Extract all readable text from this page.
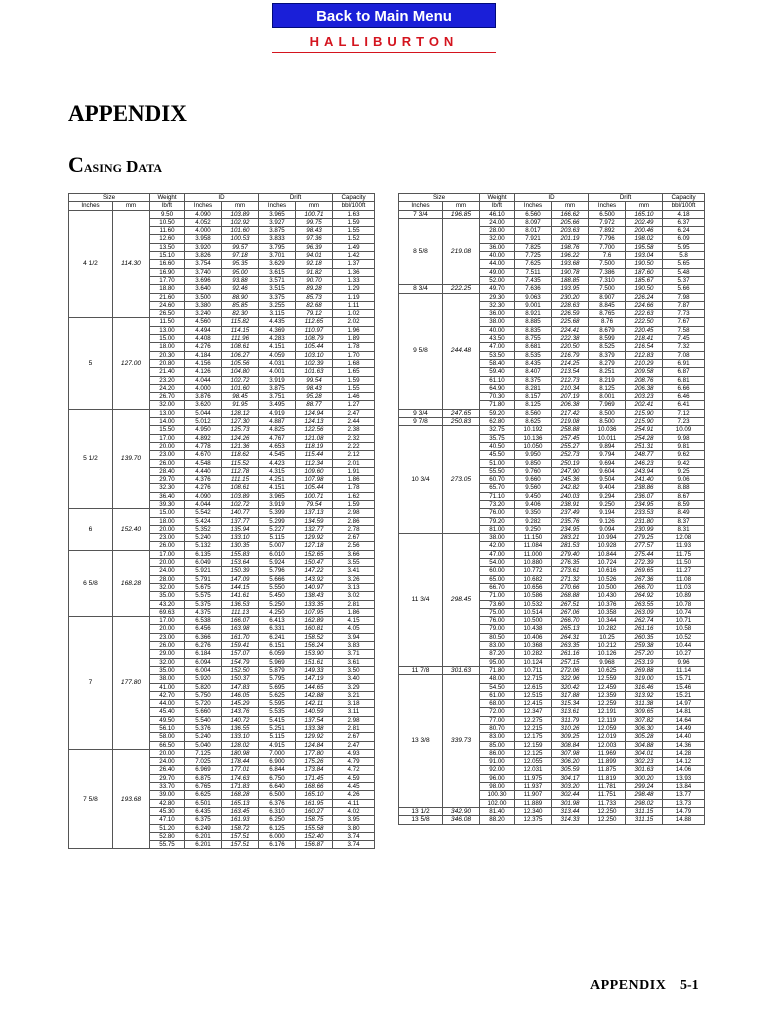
Back to Main Menu
HALLIBURTON
APPENDIX
Casing Data
Size		Weight	ID		Drift		Capacity
Inches	mm	lb/ft	Inches	mm	Inches	mm	bbl/100ft
4 1/2	114.30	9.50	4.090	103.89	3.965	100.71	1.63
		10.50	4.052	102.92	3.927	99.75	1.59
		11.60	4.000	101.60	3.875	98.43	1.55
		12.60	3.958	100.53	3.833	97.36	1.52
		13.50	3.920	99.57	3.795	96.39	1.49
		15.10	3.826	97.18	3.701	94.01	1.42
		16.60	3.754	95.35	3.629	92.18	1.37
		16.90	3.740	95.00	3.615	91.82	1.36
		17.70	3.696	93.88	3.571	90.70	1.33
		18.80	3.640	92.46	3.515	89.28	1.29
		21.60	3.500	88.90	3.375	85.73	1.19
		24.60	3.380	85.85	3.255	82.68	1.11
		26.50	3.240	82.30	3.115	79.12	1.02
5	127.00	11.50	4.560	115.82	4.435	112.65	2.02
		13.00	4.494	114.15	4.369	110.97	1.96
		15.00	4.408	111.96	4.283	108.79	1.89
		18.00	4.276	108.61	4.151	105.44	1.78
		20.30	4.184	106.27	4.059	103.10	1.70
		20.80	4.156	105.56	4.031	102.39	1.68
		21.40	4.126	104.80	4.001	101.63	1.65
		23.20	4.044	102.72	3.919	99.54	1.59
		24.20	4.000	101.60	3.875	98.43	1.55
		26.70	3.876	98.45	3.751	95.28	1.46
		32.00	3.620	91.95	3.495	88.77	1.27
5 1/2	139.70	13.00	5.044	128.12	4.919	124.94	2.47
		14.00	5.012	127.30	4.887	124.13	2.44
		15.50	4.950	125.73	4.825	122.56	2.38
		17.00	4.892	124.26	4.767	121.08	2.32
		20.00	4.778	121.36	4.653	118.19	2.22
		23.00	4.670	118.62	4.545	115.44	2.12
		26.00	4.548	115.52	4.423	112.34	2.01
		28.40	4.440	112.78	4.315	109.60	1.91
		29.70	4.376	111.15	4.251	107.98	1.86
		32.30	4.276	108.61	4.151	105.44	1.78
		36.40	4.090	103.89	3.965	100.71	1.62
		39.30	4.044	102.72	3.919	79.54	1.59
6	152.40	15.00	5.542	140.77	5.399	137.13	2.98
		18.00	5.424	137.77	5.299	134.59	2.86
		20.00	5.352	135.94	5.227	132.77	2.78
		23.00	5.240	133.10	5.115	129.92	2.67
		26.00	5.132	130.35	5.007	127.18	2.56
6 5/8	168.28	17.00	6.135	155.83	6.010	152.65	3.66
		20.00	6.049	153.64	5.924	150.47	3.55
		24.00	5.921	150.39	5.796	147.22	3.41
		28.00	5.791	147.09	5.666	143.92	3.26
		32.00	5.675	144.15	5.550	140.97	3.13
		35.00	5.575	141.61	5.450	138.43	3.02
		43.20	5.375	136.53	5.250	133.35	2.81
		69.63	4.375	111.13	4.250	107.95	1.86
7	177.80	17.00	6.538	166.07	6.413	162.89	4.15
		20.00	6.456	163.98	6.331	160.81	4.05
		23.00	6.366	161.70	6.241	158.52	3.94
		26.00	6.276	159.41	6.151	156.24	3.83
		29.00	6.184	157.07	6.059	153.90	3.71
		32.00	6.094	154.79	5.969	151.61	3.61
		35.00	6.004	152.50	5.879	149.33	3.50
		38.00	5.920	150.37	5.795	147.19	3.40
		41.00	5.820	147.83	5.695	144.65	3.29
		42.70	5.750	146.05	5.625	142.88	3.21
		44.00	5.720	145.29	5.595	142.11	3.18
		45.40	5.660	143.76	5.535	140.59	3.11
		49.50	5.540	140.72	5.415	137.54	2.98
		56.10	5.376	136.55	5.251	133.38	2.81
		58.00	5.240	133.10	5.115	129.92	2.67
		66.50	5.040	128.02	4.915	124.84	2.47
7 5/8	193.68	20.00	7.125	180.98	7.000	177.80	4.93
		24.00	7.025	178.44	6.900	175.26	4.79
		26.40	6.969	177.01	6.844	173.84	4.72
		29.70	6.875	174.63	6.750	171.45	4.59
		33.70	6.765	171.83	6.640	168.66	4.45
		39.00	6.625	168.28	6.500	165.10	4.26
		42.80	6.501	165.13	6.376	161.95	4.11
		45.30	6.435	163.45	6.310	160.27	4.02
		47.10	6.375	161.93	6.250	158.75	3.95
		51.20	6.249	158.72	6.125	155.58	3.80
		52.80	6.201	157.51	6.000	152.40	3.74
		55.75	6.201	157.51	6.176	156.87	3.74
Size		Weight	ID		Drift		Capacity
Inches	mm	lb/ft	Inches	mm	Inches	mm	bbl/100ft
7 3/4	196.85	46.10	6.560	166.62	6.500	165.10	4.18
8 5/8	219.08	24.00	8.097	205.66	7.972	202.49	6.37
		28.00	8.017	203.63	7.892	200.46	6.24
		32.00	7.921	201.19	7.796	198.02	6.09
		36.00	7.825	198.76	7.700	195.58	5.95
		40.00	7.725	196.22	7.6	193.04	5.8
		44.00	7.625	193.68	7.500	190.50	5.65
		49.00	7.511	190.78	7.386	187.60	5.48
		52.00	7.435	188.85	7.310	185.67	5.37
8 3/4	222.25	49.70	7.636	193.95	7.500	190.50	5.66
9 5/8	244.48	29.30	9.063	230.20	8.907	226.24	7.98
		32.30	9.001	228.63	8.845	224.66	7.87
		36.00	8.921	226.59	8.765	222.63	7.73
		38.00	8.885	225.68	8.76	222.50	7.67
		40.00	8.835	224.41	8.679	220.45	7.58
		43.50	8.755	222.38	8.599	218.41	7.45
		47.00	8.681	220.50	8.525	216.54	7.32
		53.50	8.535	216.79	8.379	212.83	7.08
		58.40	8.435	214.25	8.279	210.29	6.91
		59.40	8.407	213.54	8.251	209.58	6.87
		61.10	8.375	212.73	8.219	208.76	6.81
		64.90	8.281	210.34	8.125	206.38	6.66
		70.30	8.157	207.19	8.001	203.23	6.46
		71.80	8.125	206.38	7.969	202.41	6.41
9 3/4	247.65	59.20	8.560	217.42	8.500	215.90	7.12
9 7/8	250.83	62.80	8.625	219.08	8.500	215.90	7.23
10 3/4	273.05	32.75	10.192	258.88	10.036	254.91	10.09
		35.75	10.136	257.45	10.011	254.28	9.98
		40.50	10.050	255.27	9.894	251.31	9.81
		45.50	9.950	252.73	9.794	248.77	9.62
		51.00	9.850	250.19	9.694	246.23	9.42
		55.50	9.760	247.90	9.604	243.94	9.25
		60.70	9.660	245.36	9.504	241.40	9.06
		65.70	9.560	242.82	9.404	238.86	8.88
		71.10	9.450	240.03	9.294	236.07	8.67
		73.20	9.406	238.91	9.250	234.95	8.59
		76.00	9.350	237.49	9.194	233.53	8.49
		79.20	9.282	235.76	9.126	231.80	8.37
		81.00	9.250	234.95	9.094	230.99	8.31
11 3/4	298.45	38.00	11.150	283.21	10.994	279.25	12.08
		42.00	11.084	281.53	10.928	277.57	11.93
		47.00	11.000	279.40	10.844	275.44	11.75
		54.00	10.880	276.35	10.724	272.39	11.50
		60.00	10.772	273.61	10.616	269.65	11.27
		65.00	10.682	271.32	10.526	267.36	11.08
		66.70	10.656	270.66	10.500	266.70	11.03
		71.00	10.586	268.88	10.430	264.92	10.89
		73.60	10.532	267.51	10.376	263.55	10.78
		75.00	10.514	267.06	10.358	263.09	10.74
		76.00	10.500	266.70	10.344	262.74	10.71
		79.00	10.438	265.13	10.282	261.16	10.58
		80.50	10.406	264.31	10.25	260.35	10.52
		83.00	10.368	263.35	10.212	259.38	10.44
		87.20	10.282	261.16	10.126	257.20	10.27
		95.00	10.124	257.15	9.968	253.19	9.96
11 7/8	301.63	71.80	10.711	272.06	10.625	269.88	11.14
13 3/8	339.73	48.00	12.715	322.96	12.559	319.00	15.71
		54.50	12.615	320.42	12.459	316.46	15.46
		61.00	12.515	317.88	12.359	313.92	15.21
		68.00	12.415	315.34	12.259	311.38	14.97
		72.00	12.347	313.61	12.191	309.65	14.81
		77.00	12.275	311.79	12.119	307.82	14.64
		80.70	12.215	310.26	12.059	306.30	14.49
		83.00	12.175	309.25	12.019	305.28	14.40
		85.00	12.159	308.84	12.003	304.88	14.36
		86.00	12.125	307.98	11.969	304.01	14.28
		91.00	12.055	306.20	11.899	302.23	14.12
		92.00	12.031	305.59	11.875	301.63	14.06
		96.00	11.975	304.17	11.819	300.20	13.93
		98.00	11.937	303.20	11.781	299.24	13.84
		100.30	11.907	302.44	11.751	298.48	13.77
		102.00	11.889	301.98	11.733	298.02	13.73
13 1/2	342.90	81.40	12.340	313.44	12.250	311.15	14.79
13 5/8	346.08	88.20	12.375	314.33	12.250	311.15	14.88
APPENDIX 5-1
